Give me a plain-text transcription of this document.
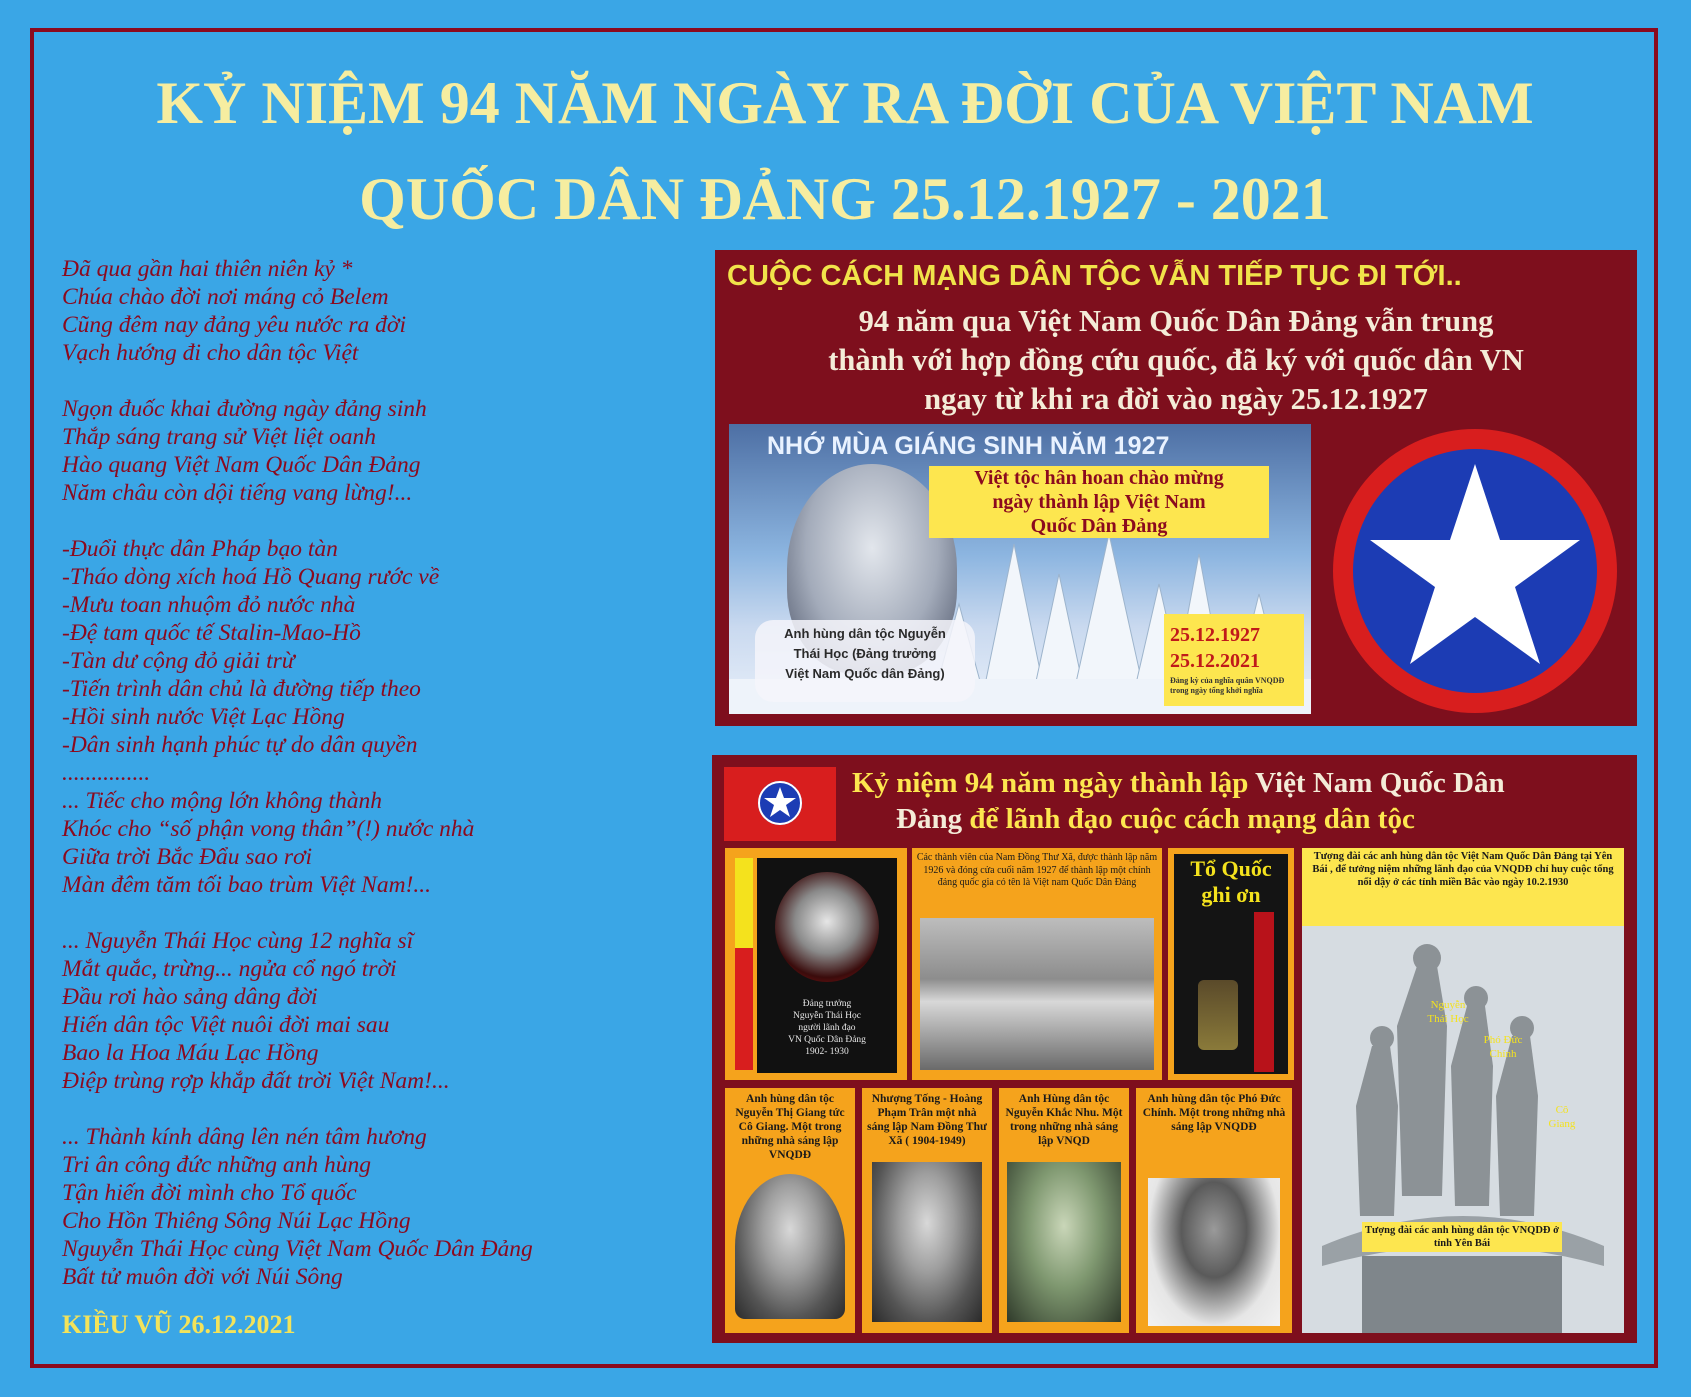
KỶ NIỆM 94 NĂM NGÀY RA ĐỜI CỦA VIỆT NAM
QUỐC DÂN ĐẢNG 25.12.1927 - 2021
Đã qua gần hai thiên niên kỷ *
Chúa chào đời nơi máng cỏ Belem
Cũng đêm nay đảng yêu nước ra đời
Vạch hướng đi cho dân tộc Việt
Ngọn đuốc khai đường ngày đảng sinh
Thắp sáng trang sử Việt liệt oanh
Hào quang Việt Nam Quốc Dân Đảng
Năm châu còn dội tiếng vang lừng!...
-Đuổi thực dân Pháp bạo tàn
-Tháo dòng xích hoá Hồ Quang rước về
-Mưu toan nhuộm đỏ nước nhà
-Đệ tam quốc tế Stalin-Mao-Hồ
-Tàn dư cộng đỏ giải trừ
-Tiến trình dân chủ là đường tiếp theo
-Hồi sinh nước Việt Lạc Hồng
-Dân sinh hạnh phúc tự do dân quyền
...............
... Tiếc cho mộng lớn không thành
Khóc cho “số phận vong thân”(!) nước nhà
Giữa trời Bắc Đẩu sao rơi
Màn đêm tăm tối bao trùm Việt Nam!...
... Nguyễn Thái Học cùng 12 nghĩa sĩ
Mắt quắc, trừng... ngửa cổ ngó trời
Đầu rơi hào sảng dâng đời
Hiến dân tộc Việt nuôi đời mai sau
Bao la Hoa Máu Lạc Hồng
Điệp trùng rợp khắp đất trời Việt Nam!...
... Thành kính dâng lên nén tâm hương
Tri ân công đức những anh hùng
Tận hiến đời mình cho Tổ quốc
Cho Hồn Thiêng Sông Núi Lạc Hồng
Nguyễn Thái Học cùng Việt Nam Quốc Dân Đảng
Bất tử muôn đời với Núi Sông
KIỀU VŨ 26.12.2021
CUỘC CÁCH MẠNG DÂN TỘC VẪN TIẾP TỤC ĐI TỚI..
94 năm qua Việt Nam Quốc Dân Đảng vẫn trung
thành với hợp đồng cứu quốc, đã ký với quốc dân VN
ngay từ khi ra đời vào ngày 25.12.1927
NHỚ MÙA GIÁNG SINH NĂM 1927
Việt tộc hân hoan chào mừng
ngày thành lập Việt Nam
Quốc Dân Đảng
Anh hùng dân tộc Nguyễn
Thái Học (Đảng trưởng
Việt Nam Quốc dân Đảng)
25.12.1927
25.12.2021
Đảng kỳ của nghĩa quân VNQDĐ trong ngày tổng khởi nghĩa
Kỷ niệm 94 năm ngày thành lập Việt Nam Quốc Dân
Đảng để lãnh đạo cuộc cách mạng dân tộc
Đảng trưởng
Nguyễn Thái Học
người lãnh đạo
VN Quốc Dân Đảng
1902- 1930
Các thành viên của Nam Đồng Thư Xã, được thành lập năm 1926 và đóng cửa cuối năm 1927 để thành lập một chính đảng quốc gia có tên là Việt nam Quốc Dân Đảng
Tổ Quốc
ghi ơn
Tượng đài các anh hùng dân tộc Việt Nam Quốc Dân Đảng tại Yên Bái , để tưởng niệm những lãnh đạo của VNQDĐ chỉ huy cuộc tổng nổi dậy ở các tỉnh miền Bắc vào ngày 10.2.1930
Nguyễn Thái Học
Phó Đức Chính
Cô Giang
Tượng đài các anh hùng dân tộc VNQDĐ ở tỉnh Yên Bái
Anh hùng dân tộc Nguyễn Thị Giang tức Cô Giang. Một trong những nhà sáng lập VNQDĐ
Nhượng Tống - Hoàng Phạm Trân một nhà sáng lập Nam Đồng Thư Xã ( 1904-1949)
Anh Hùng dân tộc Nguyễn Khắc Nhu. Một trong những nhà sáng lập VNQD
Anh hùng dân tộc Phó Đức Chính. Một trong những nhà sáng lập VNQDĐ
